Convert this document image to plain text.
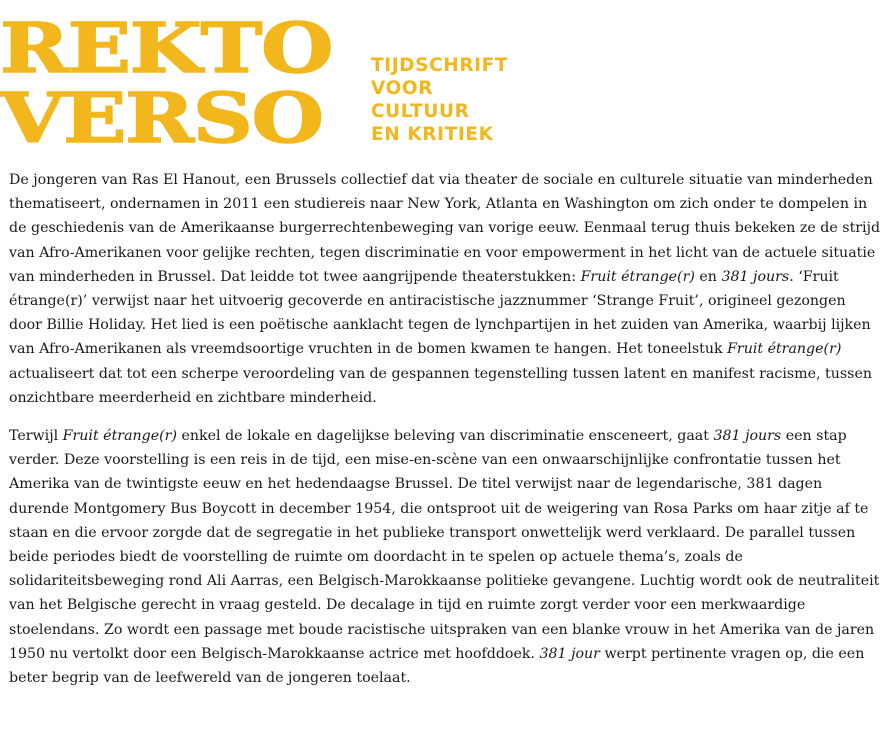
REKTO
VERSO
TIJDSCHRIFT
VOOR
CULTUUR
EN KRITIEK

De jongeren van Ras El Hanout, een Brussels collectief dat via theater de sociale en culturele situatie van minderheden thematiseert, ondernamen in 2011 een studiereis naar New York, Atlanta en Washington om zich onder te dompelen in de geschiedenis van de Amerikaanse burgerrechtenbeweging van vorige eeuw. Eenmaal terug thuis bekeken ze de strijd van Afro-Amerikanen voor gelijke rechten, tegen discriminatie en voor empowerment in het licht van de actuele situatie van minderheden in Brussel. Dat leidde tot twee aangrijpende theaterstukken: Fruit étrange(r) en 381 jours. ‘Fruit étrange(r)’ verwijst naar het uitvoerig gecoverde en antiracistische jazznummer ‘Strange Fruit’, origineel gezongen door Billie Holiday. Het lied is een poëtische aanklacht tegen de lynchpartijen in het zuiden van Amerika, waarbij lijken van Afro-Amerikanen als vreemdsoortige vruchten in de bomen kwamen te hangen. Het toneelstuk Fruit étrange(r) actualiseert dat tot een scherpe veroordeling van de gespannen tegenstelling tussen latent en manifest racisme, tussen onzichtbare meerderheid en zichtbare minderheid.

Terwijl Fruit étrange(r) enkel de lokale en dagelijkse beleving van discriminatie ensceneert, gaat 381 jours een stap verder. Deze voorstelling is een reis in de tijd, een mise-en-scène van een onwaarschijnlijke confrontatie tussen het Amerika van de twintigste eeuw en het hedendaagse Brussel. De titel verwijst naar de legendarische, 381 dagen durende Montgomery Bus Boycott in december 1954, die ontsproot uit de weigering van Rosa Parks om haar zitje af te staan en die ervoor zorgde dat de segregatie in het publieke transport onwettelijk werd verklaard. De parallel tussen beide periodes biedt de voorstelling de ruimte om doordacht in te spelen op actuele thema’s, zoals de solidariteitsbeweging rond Ali Aarras, een Belgisch-Marokkaanse politieke gevangene. Luchtig wordt ook de neutraliteit van het Belgische gerecht in vraag gesteld. De decalage in tijd en ruimte zorgt verder voor een merkwaardige stoelendans. Zo wordt een passage met boude racistische uitspraken van een blanke vrouw in het Amerika van de jaren 1950 nu vertolkt door een Belgisch-Marokkaanse actrice met hoofddoek. 381 jour werpt pertinente vragen op, die een beter begrip van de leefwereld van de jongeren toelaat.
